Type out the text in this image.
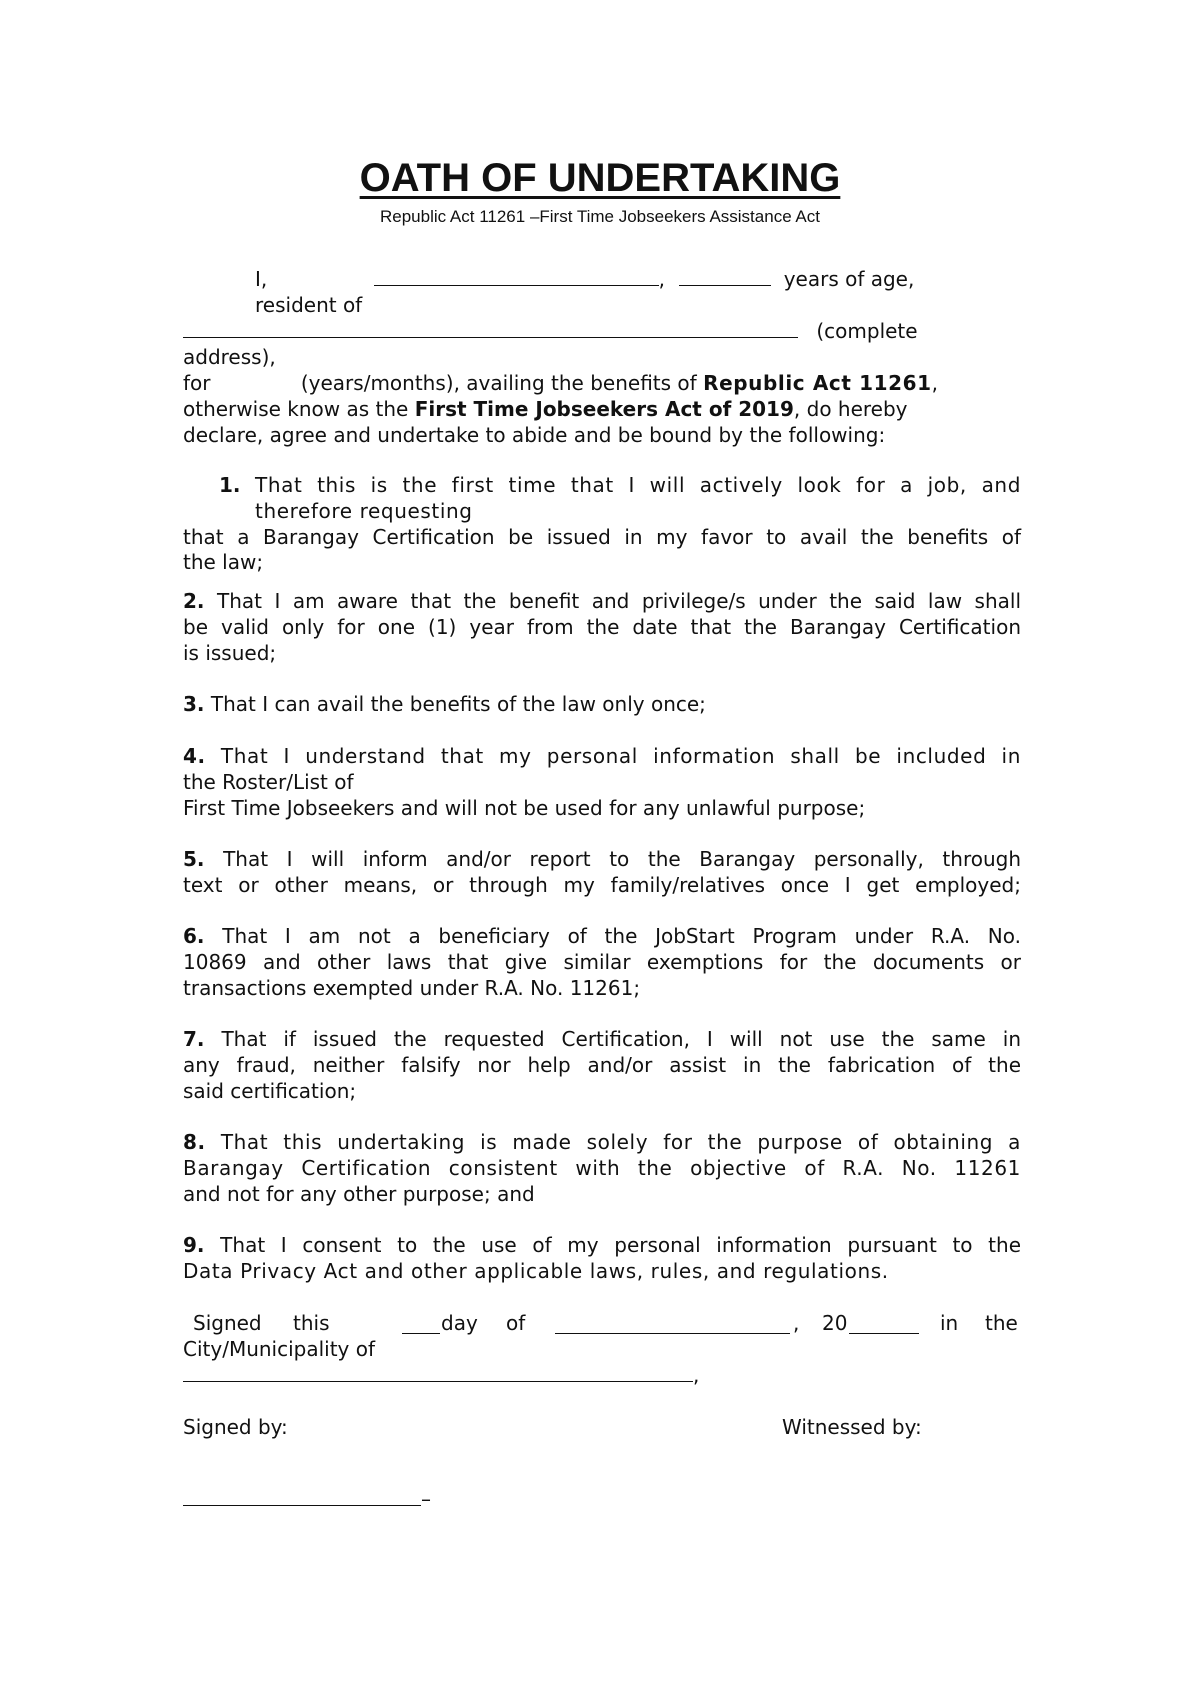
OATH OF UNDERTAKING
Republic Act 11261 –First Time Jobseekers Assistance Act
I,	,	years of age,
resident of
(complete
address),
for	(years/months), availing the benefits of Republic Act 11261,
otherwise know as the First Time Jobseekers Act of 2019, do hereby
declare, agree and undertake to abide and be bound by the following:
1. That this is the first time that I will actively look for a job, and
therefore requesting
that a Barangay Certification be issued in my favor to avail the benefits of
the law;
2. That I am aware that the benefit and privilege/s under the said law shall
be valid only for one (1) year from the date that the Barangay Certification
is issued;
3. That I can avail the benefits of the law only once;
4. That I understand that my personal information shall be included in
the Roster/List of
First Time Jobseekers and will not be used for any unlawful purpose;
5. That I will inform and/or report to the Barangay personally, through
text or other means, or through my family/relatives once I get employed;
6. That I am not a beneficiary of the JobStart Program under R.A. No.
10869 and other laws that give similar exemptions for the documents or
transactions exempted under R.A. No. 11261;
7. That if issued the requested Certification, I will not use the same in
any fraud, neither falsify nor help and/or assist in the fabrication of the
said certification;
8. That this undertaking is made solely for the purpose of obtaining a
Barangay Certification consistent with the objective of R.A. No. 11261
and not for any other purpose; and
9. That I consent to the use of my personal information pursuant to the
Data Privacy Act and other applicable laws, rules, and regulations.
Signed this	day of	, 20	in the
City/Municipality of
,
Signed by:	Witnessed by:
–
